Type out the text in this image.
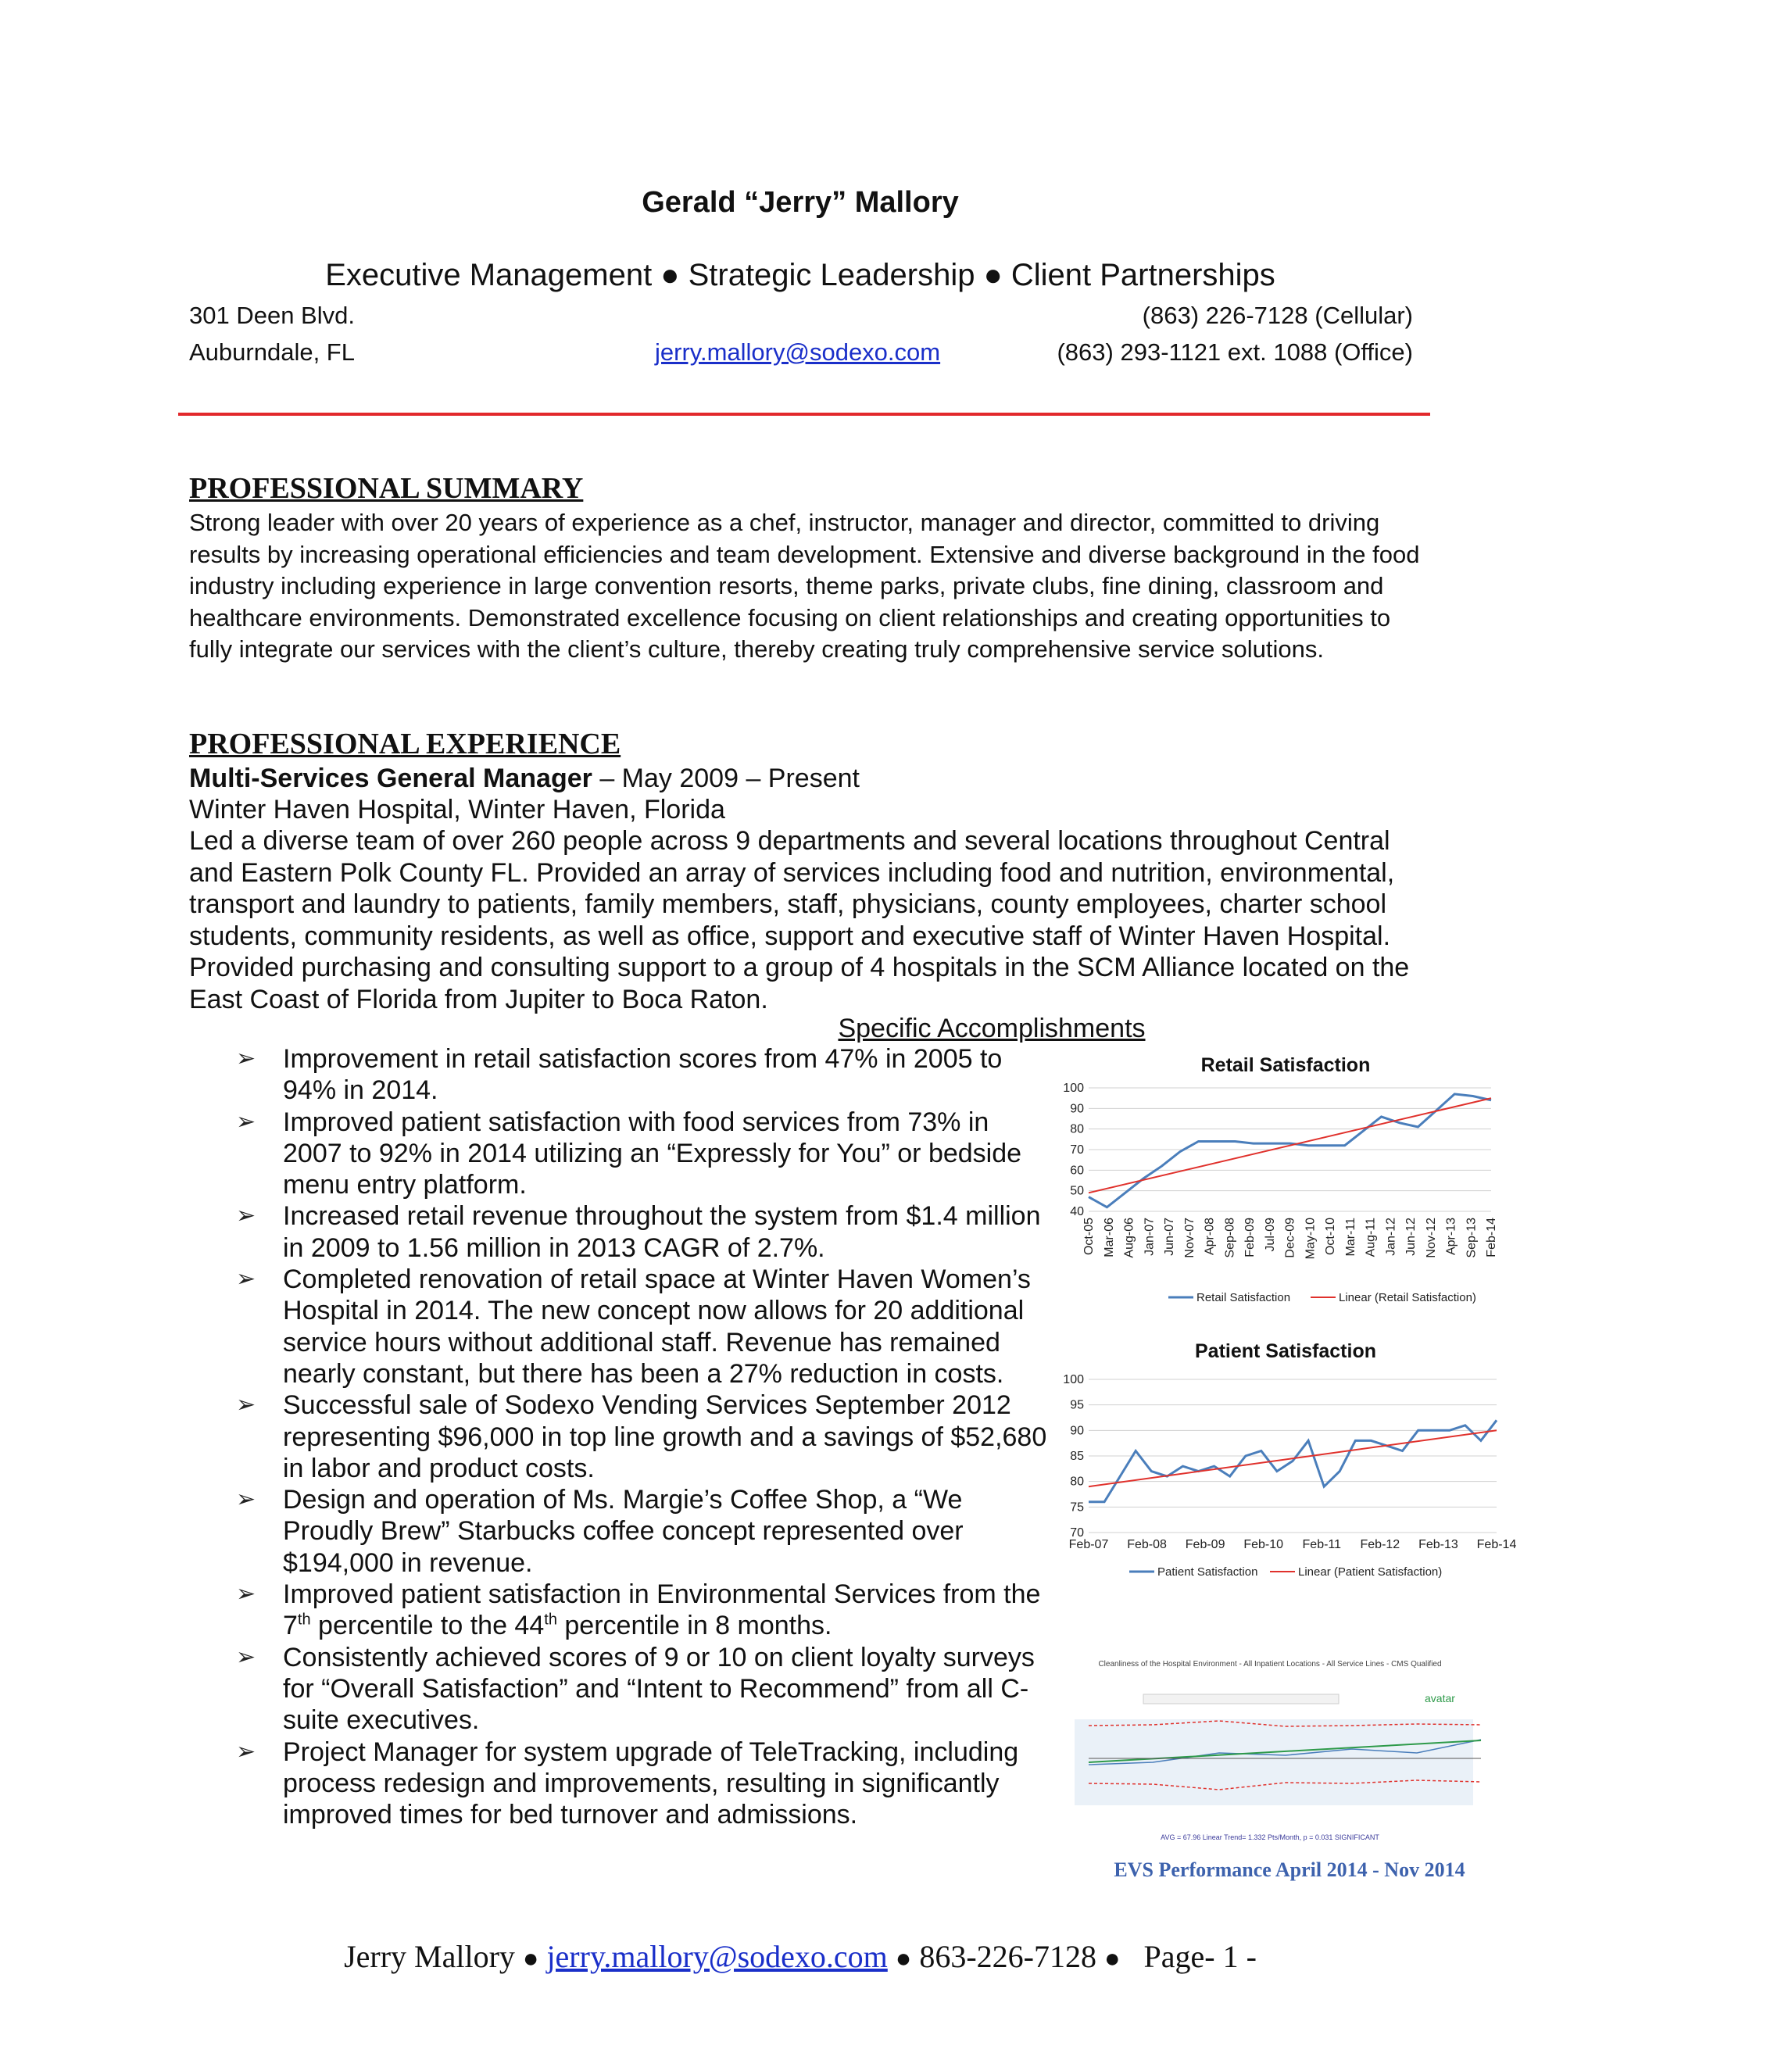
Gerald “Jerry” Mallory
Executive Management ● Strategic Leadership ● Client Partnerships
301 Deen Blvd.	(863) 226-7128 (Cellular)
Auburndale, FL	jerry.mallory@sodexo.com	(863) 293-1121 ext. 1088 (Office)
PROFESSIONAL SUMMARY
Strong leader with over 20 years of experience as a chef, instructor, manager and director, committed to driving results by increasing operational efficiencies and team development. Extensive and diverse background in the food industry including experience in large convention resorts, theme parks, private clubs, fine dining, classroom and healthcare environments. Demonstrated excellence focusing on client relationships and creating opportunities to fully integrate our services with the client’s culture, thereby creating truly comprehensive service solutions.
PROFESSIONAL EXPERIENCE
Multi-Services General Manager – May 2009 – Present
Winter Haven Hospital, Winter Haven, Florida
Led a diverse team of over 260 people across 9 departments and several locations throughout Central and Eastern Polk County FL. Provided an array of services including food and nutrition, environmental, transport and laundry to patients, family members, staff, physicians, county employees, charter school students, community residents, as well as office, support and executive staff of Winter Haven Hospital. Provided purchasing and consulting support to a group of 4 hospitals in the SCM Alliance located on the East Coast of Florida from Jupiter to Boca Raton.
Specific Accomplishments
➢ Improvement in retail satisfaction scores from 47% in 2005 to 94% in 2014.
➢ Improved patient satisfaction with food services from 73% in 2007 to 92% in 2014 utilizing an “Expressly for You” or bedside menu entry platform.
➢ Increased retail revenue throughout the system from $1.4 million in 2009 to 1.56 million in 2013 CAGR of 2.7%.
➢ Completed renovation of retail space at Winter Haven Women’s Hospital in 2014. The new concept now allows for 20 additional service hours without additional staff. Revenue has remained nearly constant, but there has been a 27% reduction in costs.
➢ Successful sale of Sodexo Vending Services September 2012 representing $96,000 in top line growth and a savings of $52,680 in labor and product costs.
➢ Design and operation of Ms. Margie’s Coffee Shop, a “We Proudly Brew” Starbucks coffee concept represented over $194,000 in revenue.
➢ Improved patient satisfaction in Environmental Services from the 7th percentile to the 44th percentile in 8 months.
➢ Consistently achieved scores of 9 or 10 on client loyalty surveys for “Overall Satisfaction” and “Intent to Recommend” from all C-suite executives.
➢ Project Manager for system upgrade of TeleTracking, including process redesign and improvements, resulting in significantly improved times for bed turnover and admissions.
Retail Satisfaction
40
50
60
70
80
90
100
Oct-05 Mar-06 Aug-06 Jan-07 Jun-07 Nov-07 Apr-08 Sep-08 Feb-09 Jul-09 Dec-09 May-10 Oct-10 Mar-11 Aug-11 Jan-12 Jun-12 Nov-12 Apr-13 Sep-13 Feb-14
Retail Satisfaction	Linear (Retail Satisfaction)
Patient Satisfaction
70
75
80
85
90
95
100
Feb-07 Feb-08 Feb-09 Feb-10 Feb-11 Feb-12 Feb-13 Feb-14
Patient Satisfaction	Linear (Patient Satisfaction)
Cleanliness of the Hospital Environment - All Inpatient Locations - All Service Lines - CMS Qualified
avatar
AVG = 67.96 Linear Trend= 1.332 Pts/Month, p = 0.031 SIGNIFICANT
EVS Performance April 2014 - Nov 2014
Jerry Mallory ● jerry.mallory@sodexo.com ● 863-226-7128 ● Page- 1 -
